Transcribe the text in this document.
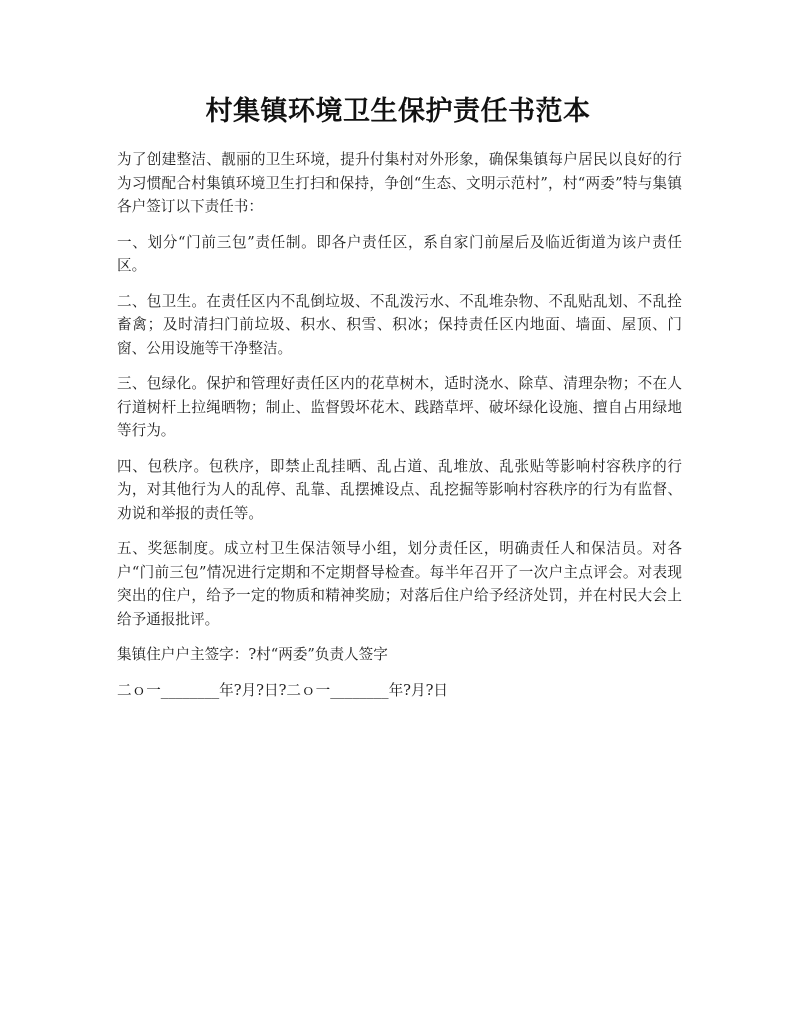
村集镇环境卫生保护责任书范本

为了创建整洁、靓丽的卫生环境，提升付集村对外形象，确保集镇每户居民以良好的行为习惯配合村集镇环境卫生打扫和保持，争创“生态、文明示范村”，村“两委”特与集镇各户签订以下责任书：

一、划分“门前三包”责任制。即各户责任区，系自家门前屋后及临近街道为该户责任区。

二、包卫生。在责任区内不乱倒垃圾、不乱泼污水、不乱堆杂物、不乱贴乱划、不乱拴畜禽；及时清扫门前垃圾、积水、积雪、积冰；保持责任区内地面、墙面、屋顶、门窗、公用设施等干净整洁。

三、包绿化。保护和管理好责任区内的花草树木，适时浇水、除草、清理杂物；不在人行道树杆上拉绳晒物；制止、监督毁坏花木、践踏草坪、破坏绿化设施、擅自占用绿地等行为。

四、包秩序。包秩序，即禁止乱挂晒、乱占道、乱堆放、乱张贴等影响村容秩序的行为，对其他行为人的乱停、乱靠、乱摆摊设点、乱挖掘等影响村容秩序的行为有监督、劝说和举报的责任等。

五、奖惩制度。成立村卫生保洁领导小组，划分责任区，明确责任人和保洁员。对各户“门前三包”情况进行定期和不定期督导检查。每半年召开了一次户主点评会。对表现突出的住户，给予一定的物质和精神奖励；对落后住户给予经济处罚，并在村民大会上给予通报批评。

集镇住户户主签字：?村“两委”负责人签字

二ｏ一________年?月?日?二ｏ一________年?月?日
